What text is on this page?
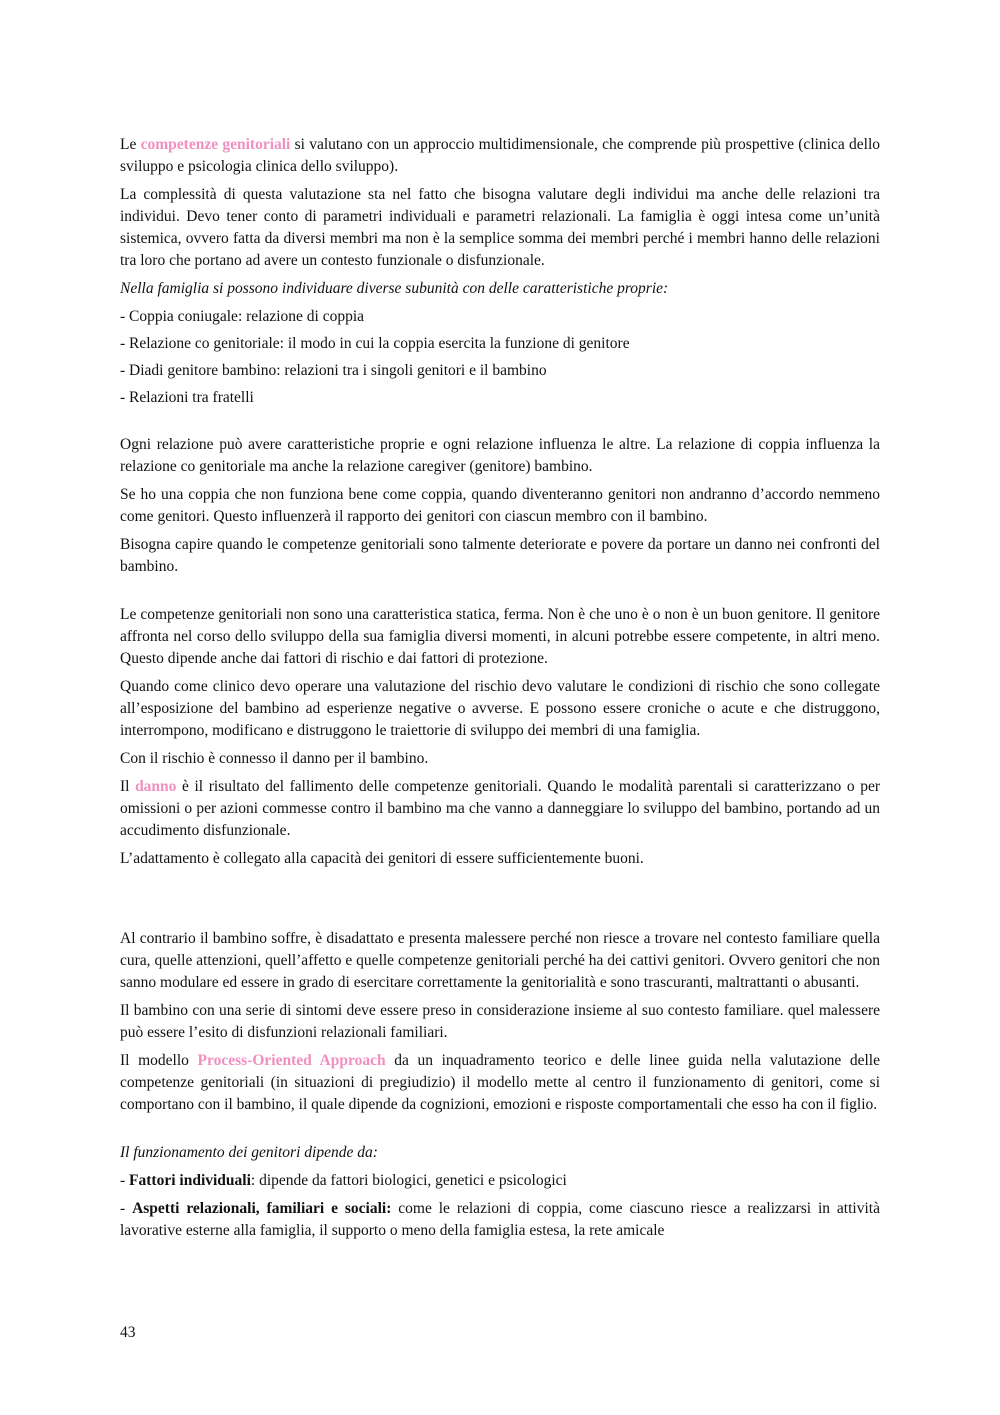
Le competenze genitoriali si valutano con un approccio multidimensionale, che comprende più prospettive (clinica dello sviluppo e psicologia clinica dello sviluppo).

La complessità di questa valutazione sta nel fatto che bisogna valutare degli individui ma anche delle relazioni tra individui. Devo tener conto di parametri individuali e parametri relazionali. La famiglia è oggi intesa come un’unità sistemica, ovvero fatta da diversi membri ma non è la semplice somma dei membri perché i membri hanno delle relazioni tra loro che portano ad avere un contesto funzionale o disfunzionale.

Nella famiglia si possono individuare diverse subunità con delle caratteristiche proprie:

- Coppia coniugale: relazione di coppia
- Relazione co genitoriale: il modo in cui la coppia esercita la funzione di genitore
- Diadi genitore bambino: relazioni tra i singoli genitori e il bambino
- Relazioni tra fratelli

Ogni relazione può avere caratteristiche proprie e ogni relazione influenza le altre. La relazione di coppia influenza la relazione co genitoriale ma anche la relazione caregiver (genitore) bambino.

Se ho una coppia che non funziona bene come coppia, quando diventeranno genitori non andranno d’accordo nemmeno come genitori. Questo influenzerà il rapporto dei genitori con ciascun membro con il bambino.

Bisogna capire quando le competenze genitoriali sono talmente deteriorate e povere da portare un danno nei confronti del bambino.

Le competenze genitoriali non sono una caratteristica statica, ferma. Non è che uno è o non è un buon genitore. Il genitore affronta nel corso dello sviluppo della sua famiglia diversi momenti, in alcuni potrebbe essere competente, in altri meno. Questo dipende anche dai fattori di rischio e dai fattori di protezione.

Quando come clinico devo operare una valutazione del rischio devo valutare le condizioni di rischio che sono collegate all’esposizione del bambino ad esperienze negative o avverse. E possono essere croniche o acute e che distruggono, interrompono, modificano e distruggono le traiettorie di sviluppo dei membri di una famiglia.

Con il rischio è connesso il danno per il bambino.

Il danno è il risultato del fallimento delle competenze genitoriali. Quando le modalità parentali si caratterizzano o per omissioni o per azioni commesse contro il bambino ma che vanno a danneggiare lo sviluppo del bambino, portando ad un accudimento disfunzionale.

L’adattamento è collegato alla capacità dei genitori di essere sufficientemente buoni.

Al contrario il bambino soffre, è disadattato e presenta malessere perché non riesce a trovare nel contesto familiare quella cura, quelle attenzioni, quell’affetto e quelle competenze genitoriali perché ha dei cattivi genitori. Ovvero genitori che non sanno modulare ed essere in grado di esercitare correttamente la genitorialità e sono trascuranti, maltrattanti o abusanti.

Il bambino con una serie di sintomi deve essere preso in considerazione insieme al suo contesto familiare. quel malessere può essere l’esito di disfunzioni relazionali familiari.

Il modello Process-Oriented Approach da un inquadramento teorico e delle linee guida nella valutazione delle competenze genitoriali (in situazioni di pregiudizio) il modello mette al centro il funzionamento di genitori, come si comportano con il bambino, il quale dipende da cognizioni, emozioni e risposte comportamentali che esso ha con il figlio.

Il funzionamento dei genitori dipende da:

- Fattori individuali: dipende da fattori biologici, genetici e psicologici

- Aspetti relazionali, familiari e sociali: come le relazioni di coppia, come ciascuno riesce a realizzarsi in attività lavorative esterne alla famiglia, il supporto o meno della famiglia estesa, la rete amicale

43
